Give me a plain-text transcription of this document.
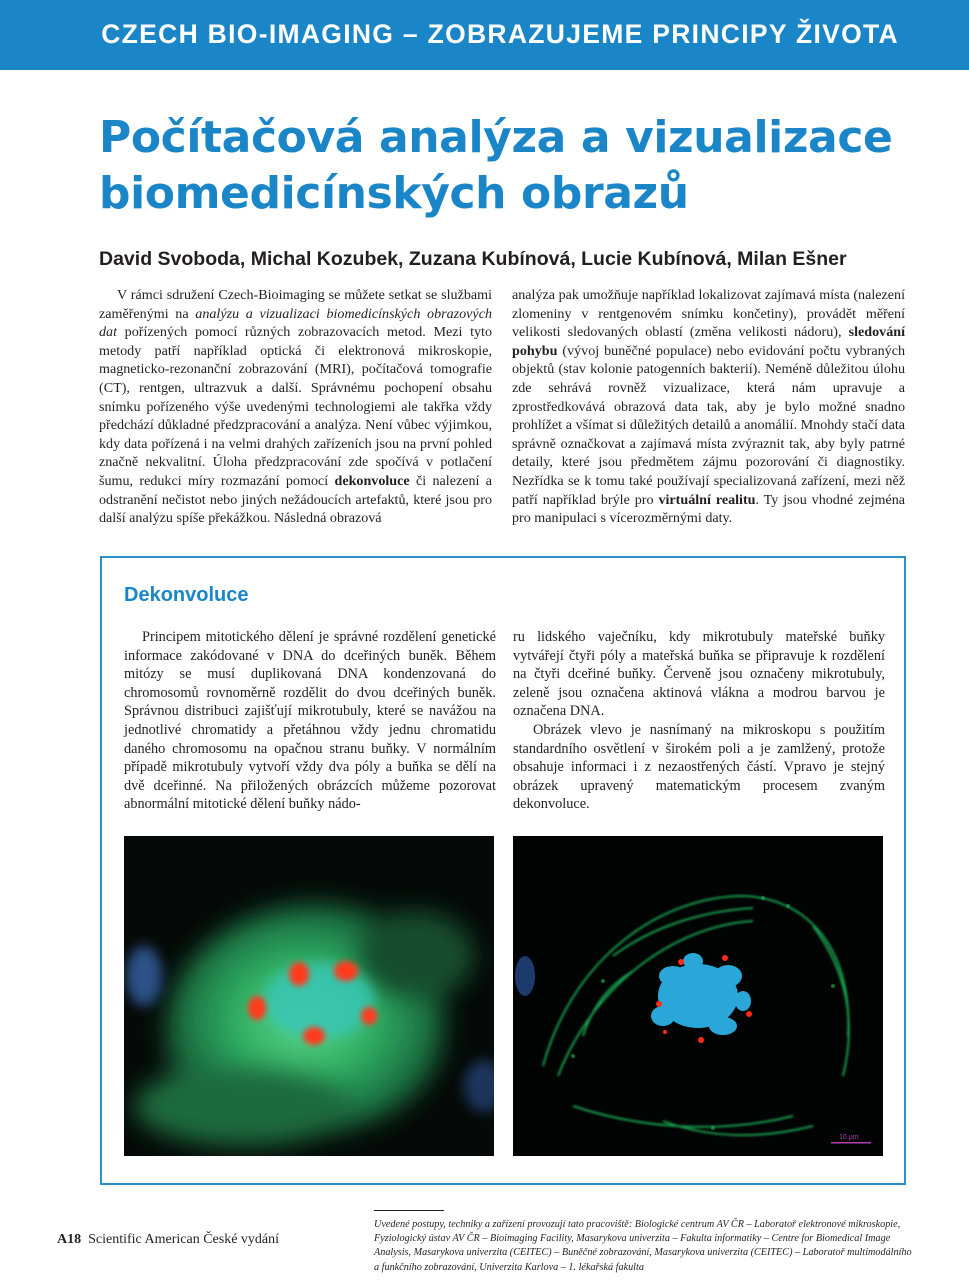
CZECH BIO-IMAGING – ZOBRAZUJEME PRINCIPY ŽIVOTA
Počítačová analýza a vizualizace biomedicínských obrazů
David Svoboda, Michal Kozubek, Zuzana Kubínová, Lucie Kubínová, Milan Ešner

V rámci sdružení Czech-Bioimaging se můžete setkat se službami zaměřenými na analýzu a vizualizaci biomedicínských obrazových dat pořízených pomocí různých zobrazovacích metod. Mezi tyto metody patří například optická či elektronová mikroskopie, magneticko-rezonanční zobrazování (MRI), počítačová tomografie (CT), rentgen, ultrazvuk a další. Správnému pochopení obsahu snímku pořízeného výše uvedenými technologiemi ale takřka vždy předchází důkladné předzpracování a analýza. Není vůbec výjimkou, kdy data pořízená i na velmi drahých zařízeních jsou na první pohled značně nekvalitní. Úloha předzpracování zde spočívá v potlačení šumu, redukci míry rozmazání pomocí dekonvoluce či nalezení a odstranění nečistot nebo jiných nežádoucích artefaktů, které jsou pro další analýzu spíše překážkou. Následná obrazová

analýza pak umožňuje například lokalizovat zajímavá místa (nalezení zlomeniny v rentgenovém snímku končetiny), provádět měření velikosti sledovaných oblastí (změna velikosti nádoru), sledování pohybu (vývoj buněčné populace) nebo evidování počtu vybraných objektů (stav kolonie patogenních bakterií). Neméně důležitou úlohu zde sehrává rovněž vizualizace, která nám upravuje a zprostředkovává obrazová data tak, aby je bylo možné snadno prohlížet a všímat si důležitých detailů a anomálií. Mnohdy stačí data správně označkovat a zajímavá místa zvýraznit tak, aby byly patrné detaily, které jsou předmětem zájmu pozorování či diagnostiky. Nezřídka se k tomu také používají specializovaná zařízení, mezi něž patří například brýle pro virtuální realitu. Ty jsou vhodné zejména pro manipulaci s vícerozměrnými daty.

Dekonvoluce

Principem mitotického dělení je správné rozdělení genetické informace zakódované v DNA do dceřiných buněk. Během mitózy se musí duplikovaná DNA kondenzovaná do chromosomů rovnoměrně rozdělit do dvou dceřiných buněk. Správnou distribuci zajišťují mikrotubuly, které se navážou na jednotlivé chromatidy a přetáhnou vždy jednu chromatidu daného chromosomu na opačnou stranu buňky. V normálním případě mikrotubuly vytvoří vždy dva póly a buňka se dělí na dvě dceřinné. Na přiložených obrázcích můžeme pozorovat abnormální mitotické dělení buňky nádo-

ru lidského vaječníku, kdy mikrotubuly mateřské buňky vytvářejí čtyři póly a mateřská buňka se připravuje k rozdělení na čtyři dceřiné buňky. Červeně jsou označeny mikrotubuly, zeleně jsou označena aktinová vlákna a modrou barvou je označena DNA.

Obrázek vlevo je nasnímaný na mikroskopu s použitím standardního osvětlení v širokém poli a je zamlžený, protože obsahuje informaci i z nezaostřených částí. Vpravo je stejný obrázek upravený matematickým procesem zvaným dekonvoluce.

10 µm

Uvedené postupy, techniky a zařízení provozují tato pracoviště: Biologické centrum AV ČR – Laboratoř elektronové mikroskopie, Fyziologický ústav AV ČR – Bioimaging Facility, Masarykova univerzita – Fakulta informatiky – Centre for Biomedical Image Analysis, Masarykova univerzita (CEITEC) – Buněčné zobrazování, Masarykova univerzita (CEITEC) – Laboratoř multimodálního a funkčního zobrazování, Univerzita Karlova – 1. lékařská fakulta

A18 Scientific American České vydání
